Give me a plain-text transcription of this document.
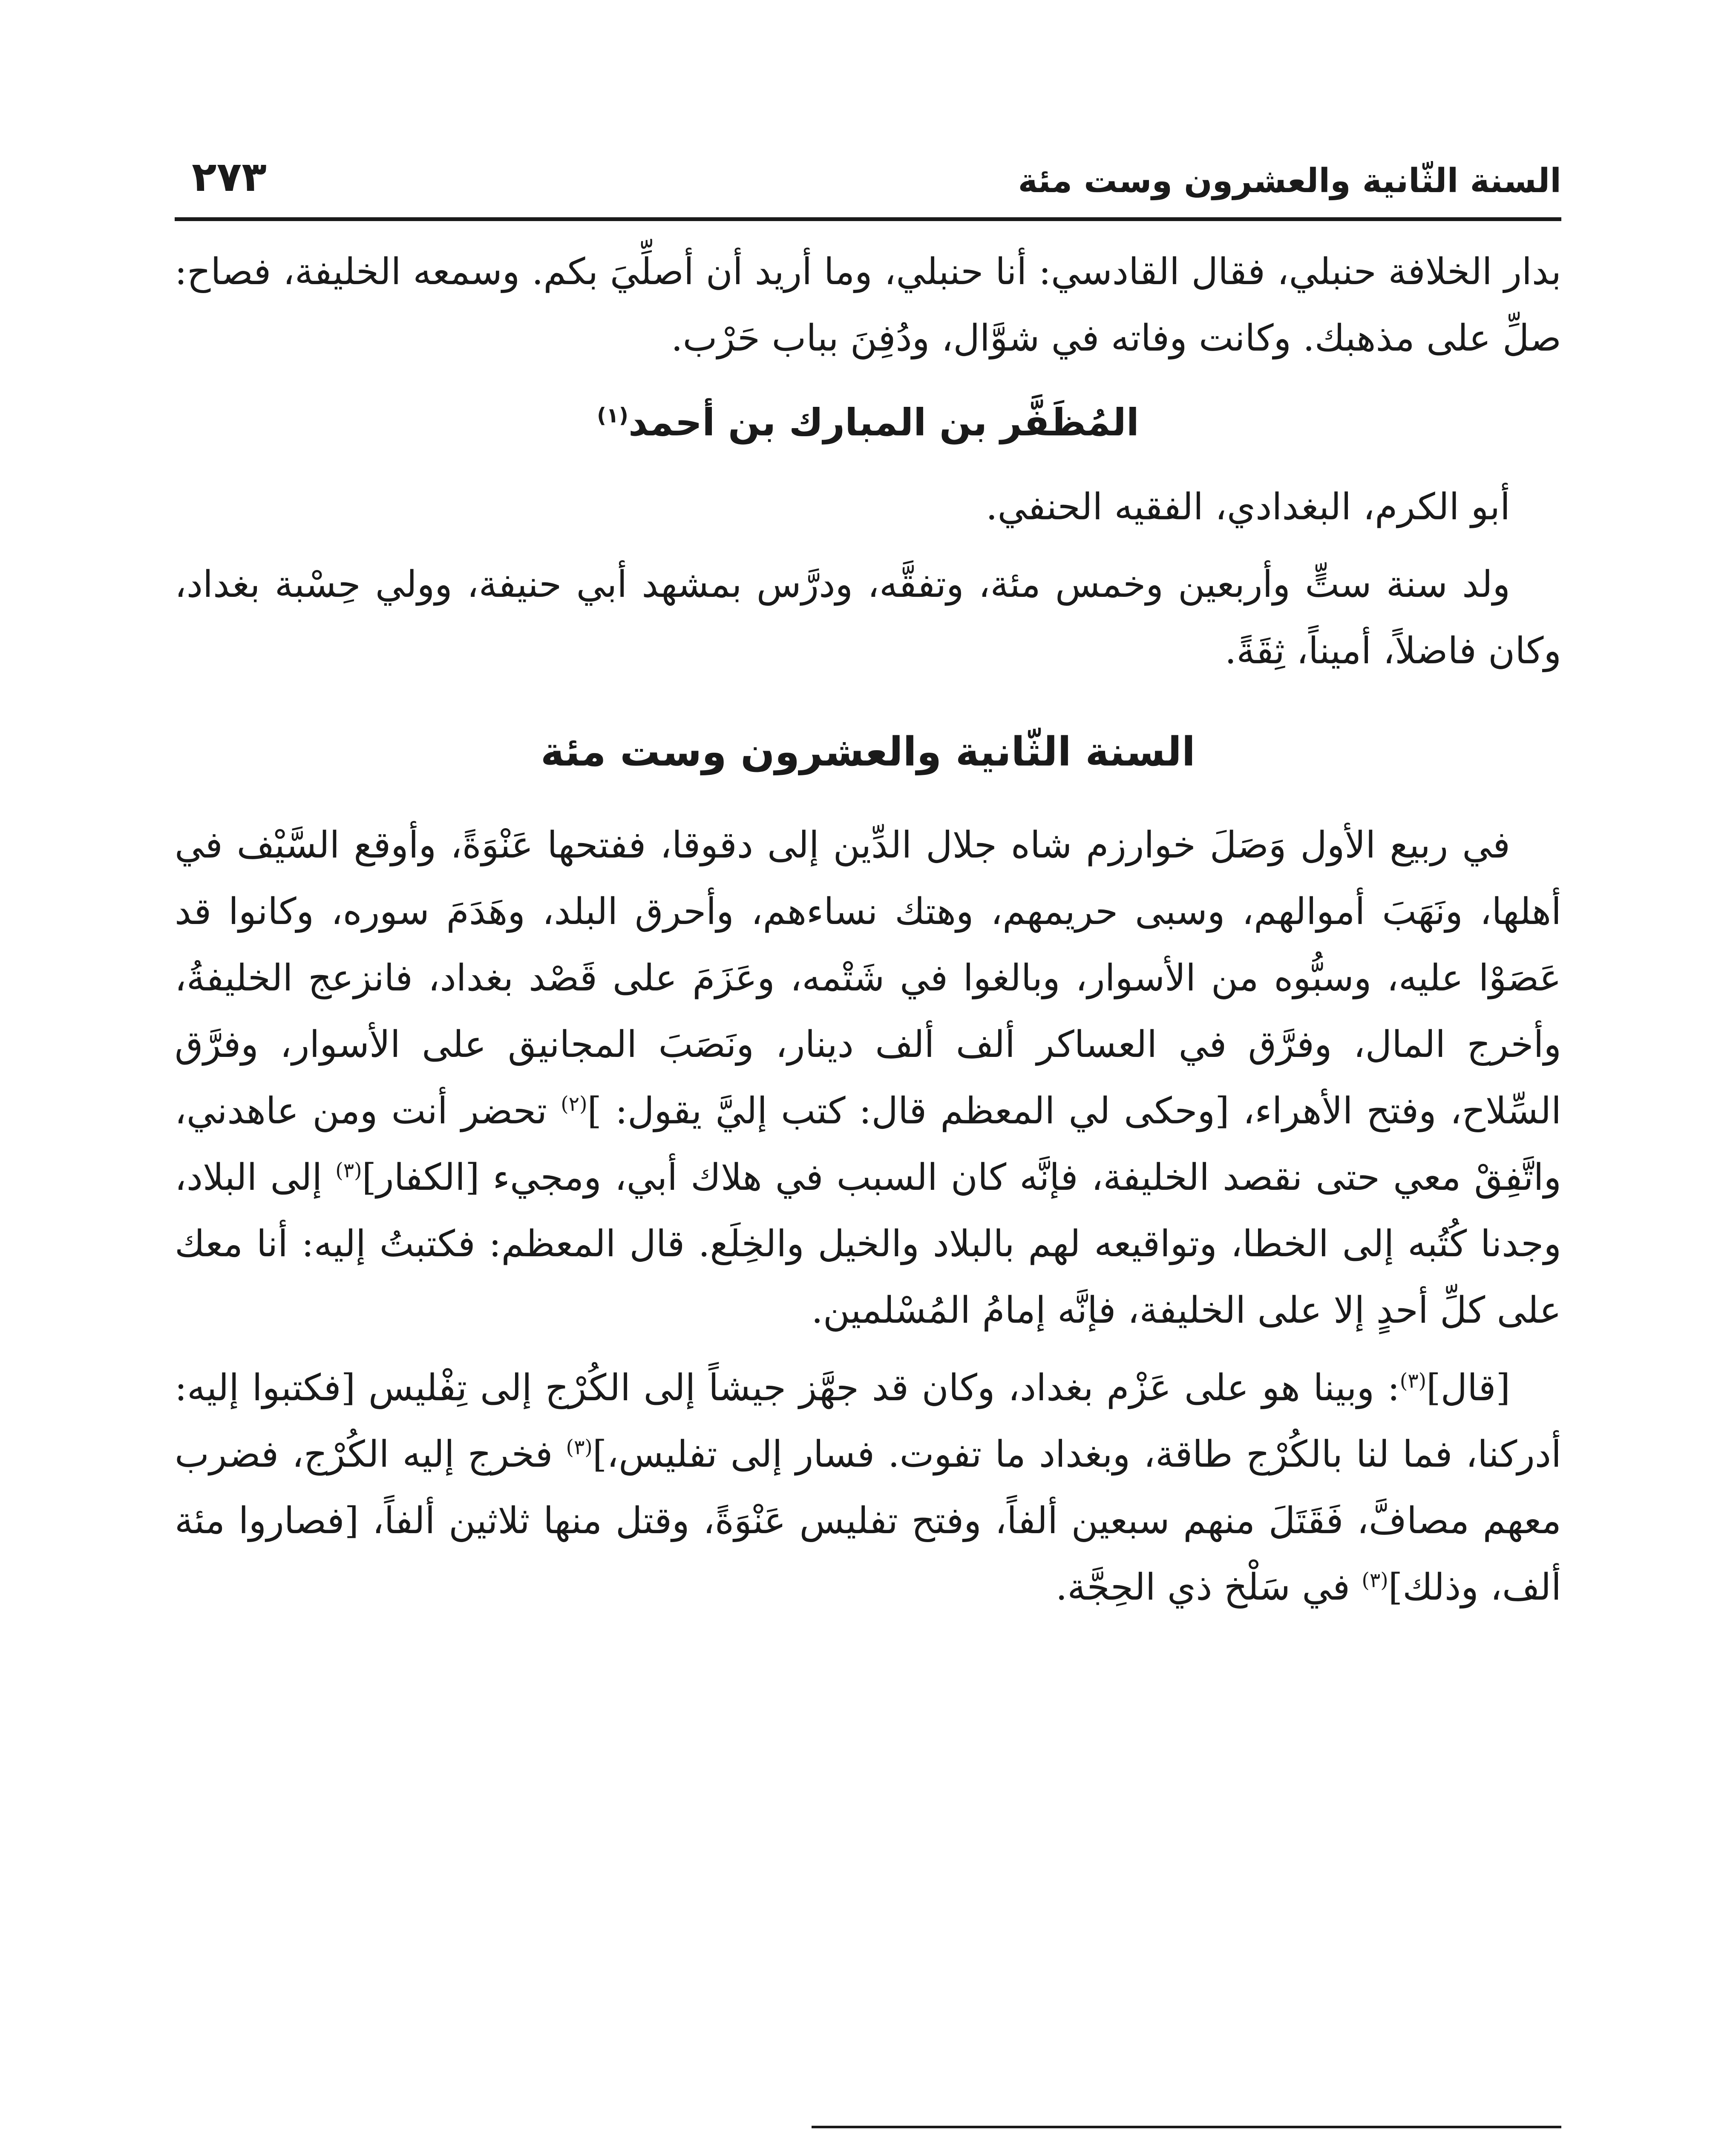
السنة الثّانية والعشرون وست مئة
٢٧٣

بدار الخلافة حنبلي، فقال القادسي: أنا حنبلي، وما أريد أن أصلِّيَ بكم. وسمعه الخليفة، فصاح: صلِّ على مذهبك. وكانت وفاته في شوَّال، ودُفِنَ بباب حَرْب.

المُظَفَّر بن المبارك بن أحمد$^{(١)}$

أبو الكرم، البغدادي، الفقيه الحنفي.

ولد سنة ستٍّ وأربعين وخمس مئة، وتفقَّه، ودرَّس بمشهد أبي حنيفة، وولي حِسْبة بغداد، وكان فاضلاً، أميناً، ثِقَةً.

السنة الثّانية والعشرون وست مئة

في ربيع الأول وَصَلَ خوارزم شاه جلال الدِّين إلى دقوقا، ففتحها عَنْوَةً، وأوقع السَّيْف في أهلها، ونَهَبَ أموالهم، وسبى حريمهم، وهتك نساءهم، وأحرق البلد، وهَدَمَ سوره، وكانوا قد عَصَوْا عليه، وسبُّوه من الأسوار، وبالغوا في شَتْمه، وعَزَمَ على قَصْد بغداد، فانزعج الخليفةُ، وأخرج المال، وفرَّق في العساكر ألف ألف دينار، ونَصَبَ المجانيق على الأسوار، وفرَّق السِّلاح، وفتح الأهراء، [وحكى لي المعظم قال: كتب إليَّ يقول: ]$^{(٢)}$ تحضر أنت ومن عاهدني، واتَّفِقْ معي حتى نقصد الخليفة، فإنَّه كان السبب في هلاك أبي، ومجيء [الكفار]$^{(٣)}$ إلى البلاد، وجدنا كُتُبه إلى الخطا، وتواقيعه لهم بالبلاد والخيل والخِلَع. قال المعظم: فكتبتُ إليه: أنا معك على كلِّ أحدٍ إلا على الخليفة، فإنَّه إمامُ المُسْلمين.

[قال]$^{(٣)}$: وبينا هو على عَزْم بغداد، وكان قد جهَّز جيشاً إلى الكُرْج إلى تِفْليس [فكتبوا إليه: أدركنا، فما لنا بالكُرْج طاقة، وبغداد ما تفوت. فسار إلى تفليس،]$^{(٣)}$ فخرج إليه الكُرْج، فضرب معهم مصافَّ، فَقَتَلَ منهم سبعين ألفاً، وفتح تفليس عَنْوَةً، وقتل منها ثلاثين ألفاً، [فصاروا مئة ألف، وذلك]$^{(٣)}$ في سَلْخ ذي الحِجَّة.
